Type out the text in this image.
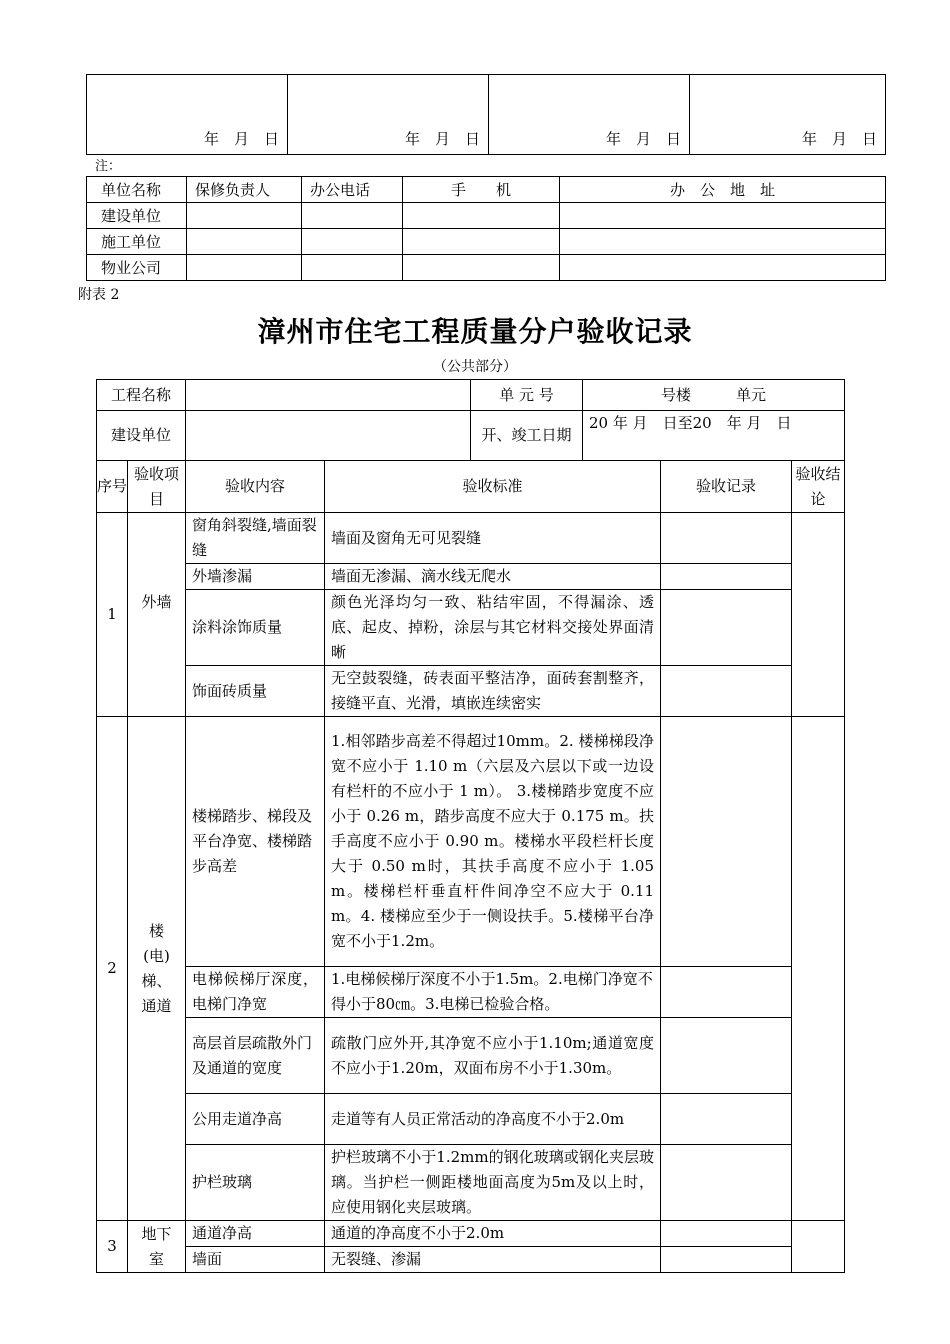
年　月　日	年　月　日	年　月　日	年　月　日
注：
单位名称	保修负责人	办公电话	手　　机	办　公　地　址
建设单位				
施工单位				
物业公司				
附表 2
漳州市住宅工程质量分户验收记录
（公共部分）
工程名称				单 元 号	号楼　　　单元		
建设单位				开、竣工日期	20 年 月　日至20　年 月　日		
序号	验收项目	验收内容	验收标准			验收记录	验收结论
1	外墙	窗角斜裂缝,墙面裂缝	墙面及窗角无可见裂缝				
		外墙渗漏	墙面无渗漏、滴水线无爬水				
		涂料涂饰质量	颜色光泽均匀一致、粘结牢固，不得漏涂、透底、起皮、掉粉，涂层与其它材料交接处界面清晰				
		饰面砖质量	无空鼓裂缝，砖表面平整洁净，面砖套割整齐，接缝平直、光滑，填嵌连续密实				
2	楼(电)梯、通道	楼梯踏步、梯段及平台净宽、楼梯踏步高差	1.相邻踏步高差不得超过10mm。2. 楼梯梯段净宽不应小于 1.10 m（六层及六层以下或一边设有栏杆的不应小于 1 m）。 3.楼梯踏步宽度不应小于 0.26 m，踏步高度不应大于 0.175 m。扶手高度不应小于 0.90 m。楼梯水平段栏杆长度大于 0.50 m时，其扶手高度不应小于 1.05 m。楼梯栏杆垂直杆件间净空不应大于 0.11 m。4. 楼梯应至少于一侧设扶手。5.楼梯平台净宽不小于1.2m。				
		电梯候梯厅深度，电梯门净宽	1.电梯候梯厅深度不小于1.5m。2.电梯门净宽不得小于80㎝。3.电梯已检验合格。				
		高层首层疏散外门及通道的宽度	疏散门应外开,其净宽不应小于1.10m;通道宽度不应小于1.20m，双面布房不小于1.30m。				
		公用走道净高	走道等有人员正常活动的净高度不小于2.0m				
		护栏玻璃	护栏玻璃不小于1.2mm的钢化玻璃或钢化夹层玻璃。当护栏一侧距楼地面高度为5m及以上时，应使用钢化夹层玻璃。				
3	地下室	通道净高	通道的净高度不小于2.0m				
		墙面	无裂缝、渗漏				
